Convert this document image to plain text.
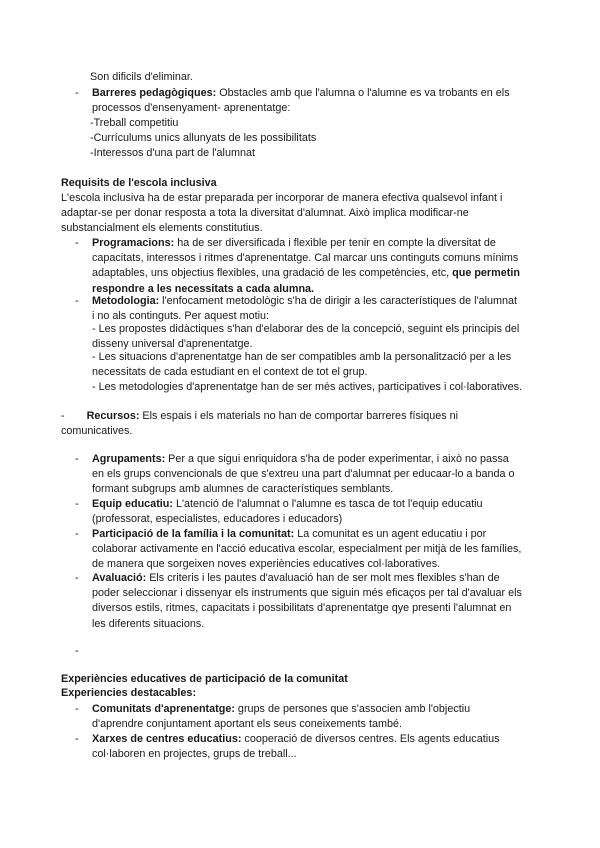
Son dificils d'eliminar.
-	Barreres pedagògiques: Obstacles amb que l'alumna o l'alumne es va trobants en els processos d'ensenyament- aprenentatge:
-Treball competitiu
-Currículums unics allunyats de les possibilitats
-Interessos d'una part de l'alumnat
Requisits de l'escola inclusiva
L'escola inclusiva ha de estar preparada per incorporar de manera efectiva qualsevol infant i adaptar-se per donar resposta a tota la diversitat d'alumnat. Això implica modificar-ne substancialment els elements constitutius.
-	Programacions: ha de ser diversificada i flexible per tenir en compte la diversitat de capacitats, interessos i ritmes d'aprenentatge. Cal marcar uns continguts comuns mínims adaptables, uns objectius flexibles, una gradació de les competències, etc, que permetin respondre a les necessitats a cada alumna.
-	Metodologia: l'enfocament metodològic s'ha de dirigir a les característiques de l'alumnat i no als continguts. Per aquest motiu:
- Les propostes didàctiques s'han d'elaborar des de la concepció, seguint els principis del disseny universal d'aprenentatge.
- Les situacions d'aprenentatge han de ser compatibles amb la personalització per a les necessitats de cada estudiant en el context de tot el grup.
- Les metodologies d'aprenentatge han de ser més actives, participatives i col·laboratives.
- Recursos: Els espais i els materials no han de comportar barreres físiques ni comunicatives.
-	Agrupaments: Per a que sigui enriquidora s'ha de poder experimentar, i això no passa en els grups convencionals de que s'extreu una part d'alumnat per educaar-lo a banda o formant subgrups amb alumnes de característiques semblants.
-	Equip educatiu: L'atenció de l'alumnat o l'alumne es tasca de tot l'equip educatiu (professorat, especialistes, educadores i educadors)
-	Participació de la família i la comunitat: La comunitat es un agent educatiu i por colaborar activamente en l'acció educativa escolar, especialment per mitjà de les famílies, de manera que sorgeixen noves experiències educatives col·laboratives.
-	Avaluació: Els criteris i les pautes d'avaluació han de ser molt mes flexibles s'han de poder seleccionar i dissenyar els instruments que siguin més eficaços per tal d'avaluar els diversos estils, ritmes, capacitats i possibilitats d'aprenentatge qye presenti l'alumnat en les diferents situacions.
-
Experiències educatives de participació de la comunitat
Experiencies destacables:
-	Comunitats d'aprenentatge: grups de persones que s'associen amb l'objectiu d'aprendre conjuntament aportant els seus coneixements també.
-	Xarxes de centres educatius: cooperació de diversos centres. Els agents educatius col·laboren en projectes, grups de treball...
